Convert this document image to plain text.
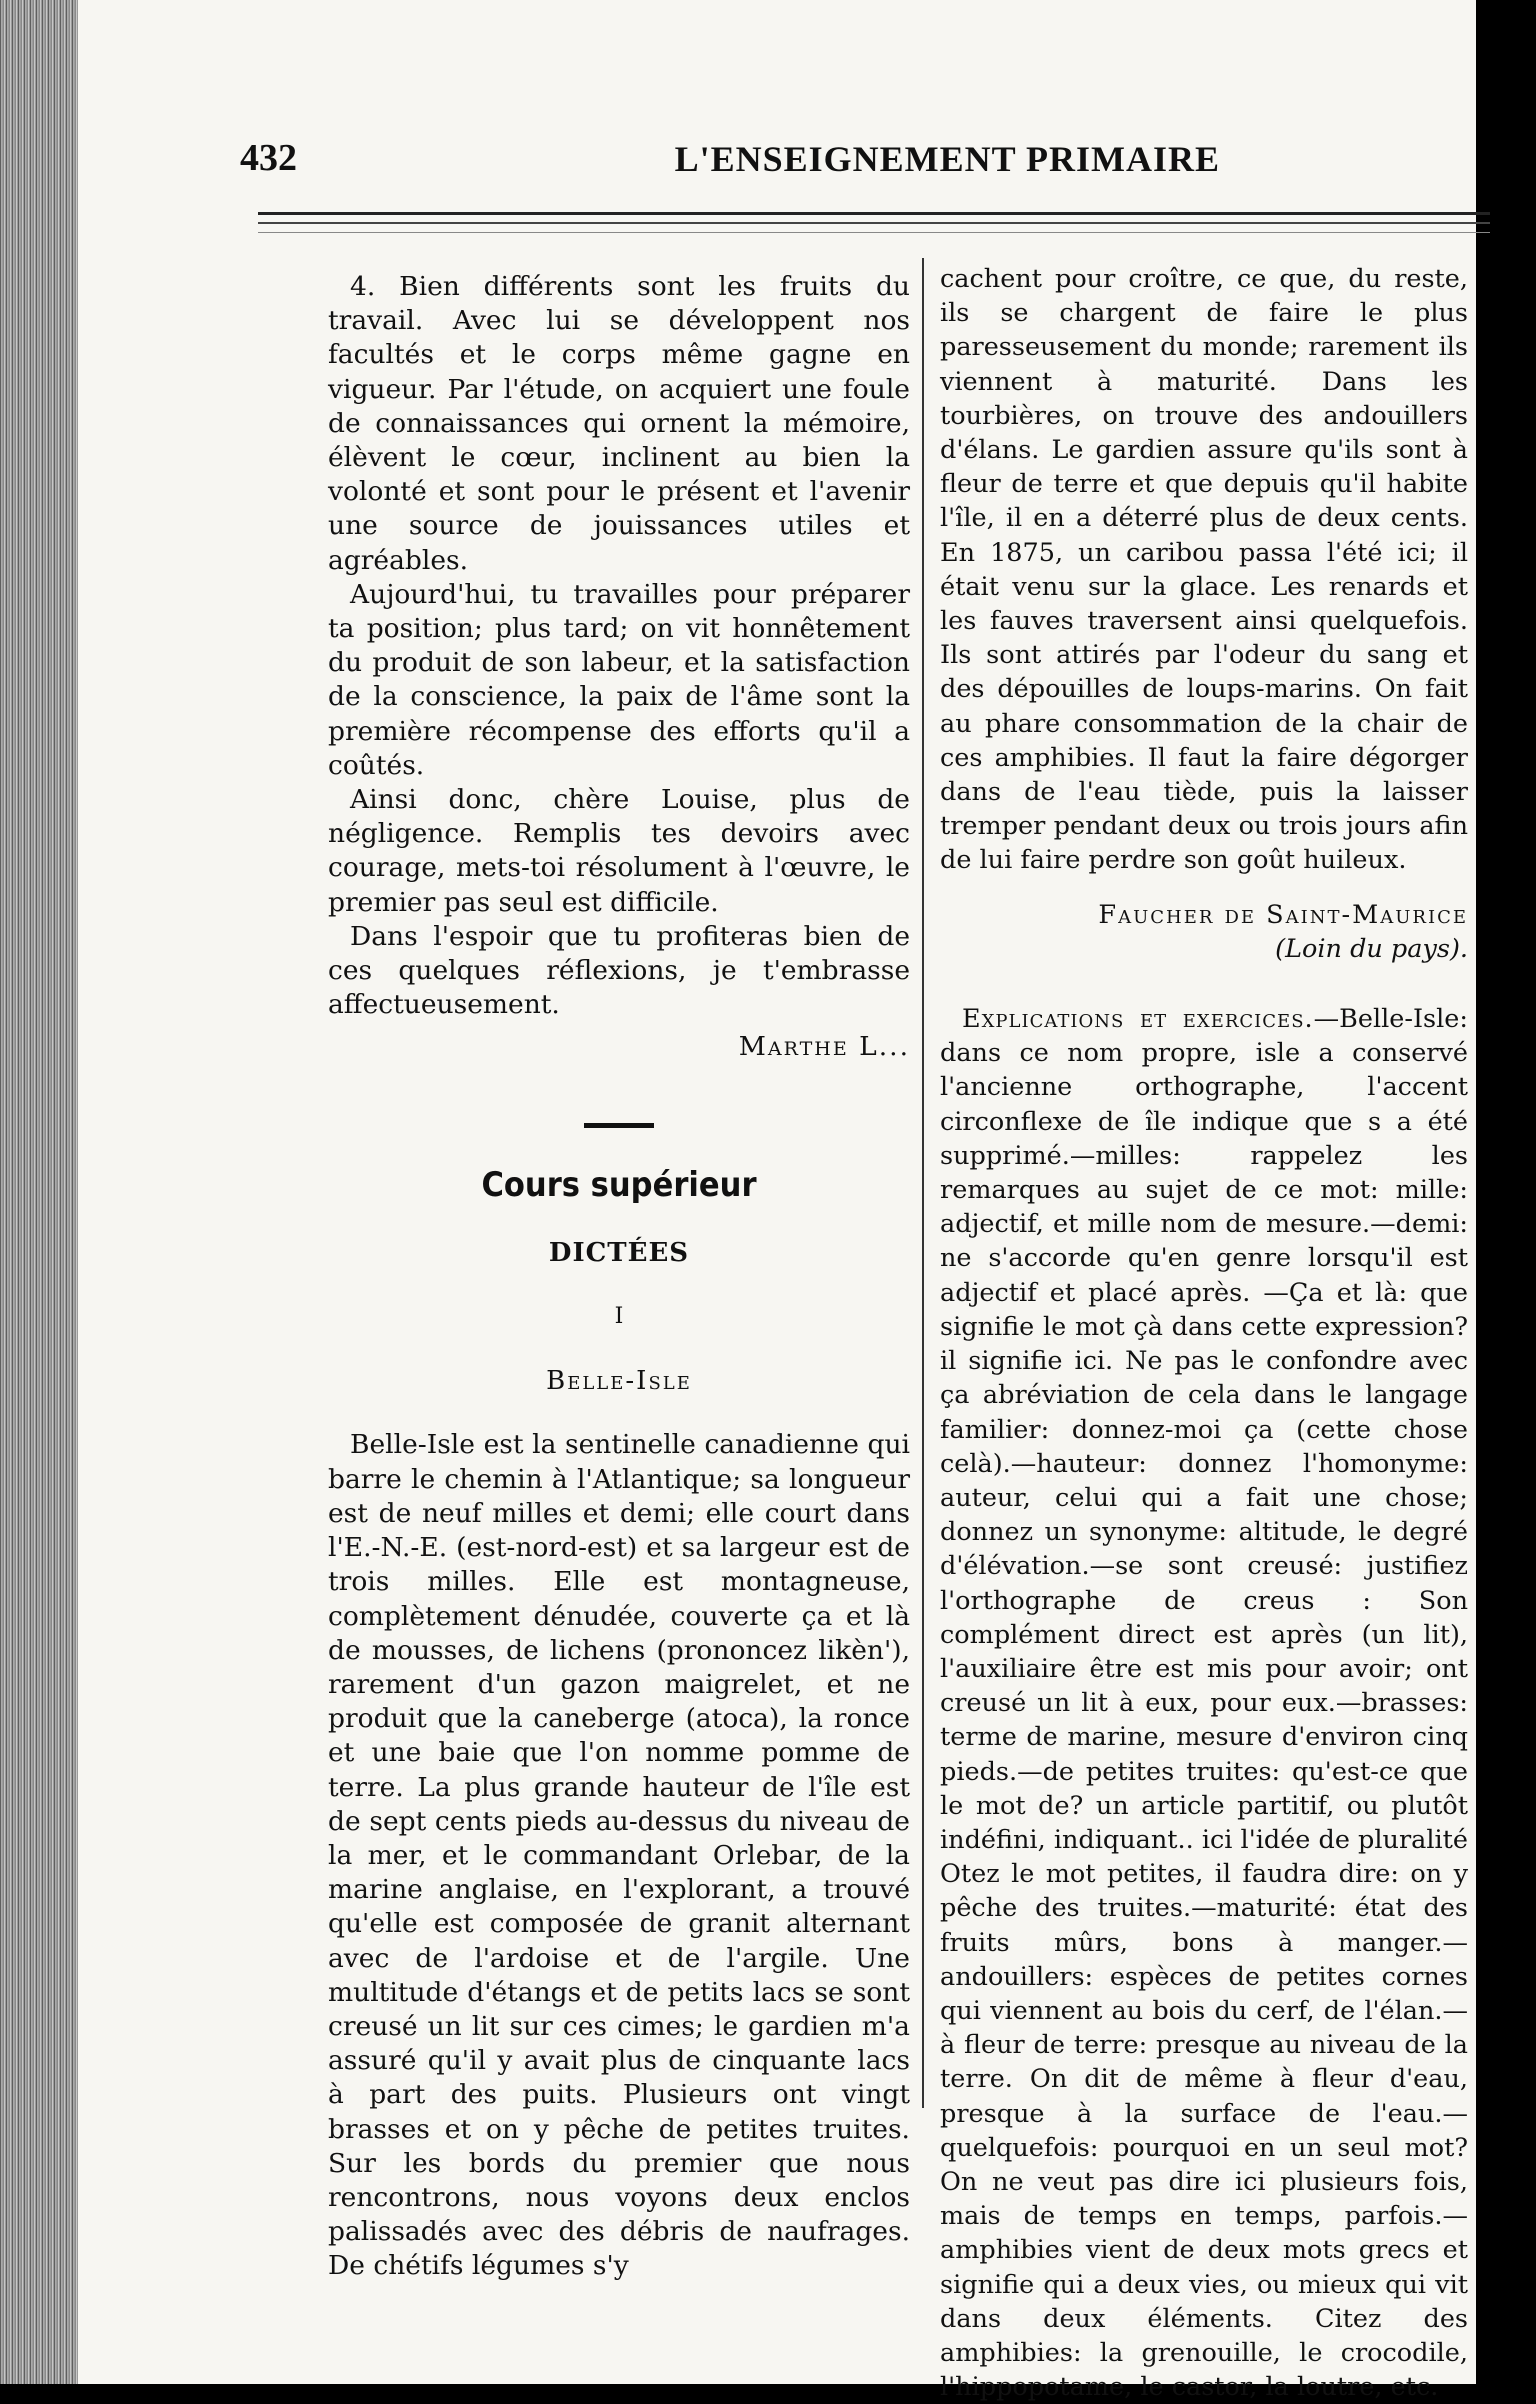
432	L'ENSEIGNEMENT PRIMAIRE

4. Bien différents sont les fruits du travail. Avec lui se développent nos facultés et le corps même gagne en vigueur. Par l'étude, on acquiert une foule de connaissances qui ornent la mémoire, élèvent le cœur, inclinent au bien la volonté et sont pour le présent et l'avenir une source de jouissances utiles et agréables.

Aujourd'hui, tu travailles pour préparer ta position; plus tard; on vit honnêtement du produit de son labeur, et la satisfaction de la conscience, la paix de l'âme sont la première récompense des efforts qu'il a coûtés.

Ainsi donc, chère Louise, plus de négligence. Remplis tes devoirs avec courage, mets-toi résolument à l'œuvre, le premier pas seul est difficile.

Dans l'espoir que tu profiteras bien de ces quelques réflexions, je t'embrasse affectueusement.

Marthe L...
Cours supérieur
DICTÉES
I
Belle-Isle

Belle-Isle est la sentinelle canadienne qui barre le chemin à l'Atlantique; sa longueur est de neuf milles et demi; elle court dans l'E.-N.-E. (est-nord-est) et sa largeur est de trois milles. Elle est montagneuse, complètement dénudée, couverte ça et là de mousses, de lichens (prononcez likèn'), rarement d'un gazon maigrelet, et ne produit que la caneberge (atoca), la ronce et une baie que l'on nomme pomme de terre. La plus grande hauteur de l'île est de sept cents pieds au-dessus du niveau de la mer, et le commandant Orlebar, de la marine anglaise, en l'explorant, a trouvé qu'elle est composée de granit alternant avec de l'ardoise et de l'argile. Une multitude d'étangs et de petits lacs se sont creusé un lit sur ces cimes; le gardien m'a assuré qu'il y avait plus de cinquante lacs à part des puits. Plusieurs ont vingt brasses et on y pêche de petites truites. Sur les bords du premier que nous rencontrons, nous voyons deux enclos palissadés avec des débris de naufrages. De chétifs légumes s'y

cachent pour croître, ce que, du reste, ils se chargent de faire le plus paresseusement du monde; rarement ils viennent à maturité. Dans les tourbières, on trouve des andouillers d'élans. Le gardien assure qu'ils sont à fleur de terre et que depuis qu'il habite l'île, il en a déterré plus de deux cents. En 1875, un caribou passa l'été ici; il était venu sur la glace. Les renards et les fauves traversent ainsi quelquefois. Ils sont attirés par l'odeur du sang et des dépouilles de loups-marins. On fait au phare consommation de la chair de ces amphibies. Il faut la faire dégorger dans de l'eau tiède, puis la laisser tremper pendant deux ou trois jours afin de lui faire perdre son goût huileux.

Faucher de Saint-Maurice
(Loin du pays).

Explications et exercices.—Belle-Isle: dans ce nom propre, isle a conservé l'ancienne orthographe, l'accent circonflexe de île indique que s a été supprimé.—milles: rappelez les remarques au sujet de ce mot: mille: adjectif, et mille nom de mesure.—demi: ne s'accorde qu'en genre lorsqu'il est adjectif et placé après. —Ça et là: que signifie le mot çà dans cette expression? il signifie ici. Ne pas le confondre avec ça abréviation de cela dans le langage familier: donnez-moi ça (cette chose celà).—hauteur: donnez l'homonyme: auteur, celui qui a fait une chose; donnez un synonyme: altitude, le degré d'élévation.—se sont creusé: justifiez l'orthographe de creus : Son complément direct est après (un lit), l'auxiliaire être est mis pour avoir; ont creusé un lit à eux, pour eux.—brasses: terme de marine, mesure d'environ cinq pieds.—de petites truites: qu'est-ce que le mot de? un article partitif, ou plutôt indéfini, indiquant.. ici l'idée de pluralité Otez le mot petites, il faudra dire: on y pêche des truites.—maturité: état des fruits mûrs, bons à manger.—andouillers: espèces de petites cornes qui viennent au bois du cerf, de l'élan.—à fleur de terre: presque au niveau de la terre. On dit de même à fleur d'eau, presque à la surface de l'eau.—quelquefois: pourquoi en un seul mot? On ne veut pas dire ici plusieurs fois, mais de temps en temps, parfois.—amphibies vient de deux mots grecs et signifie qui a deux vies, ou mieux qui vit dans deux éléments. Citez des amphibies: la grenouille, le crocodile, l'hippopotame, le castor, la loutre, etc.
